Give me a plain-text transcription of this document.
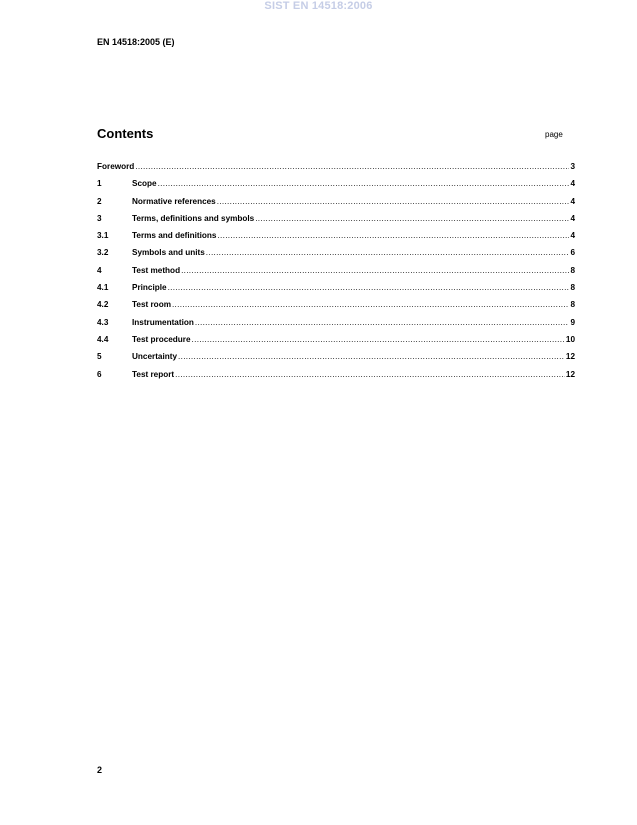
SIST EN 14518:2006
EN 14518:2005 (E)
Contents	page
Foreword .....	3
1	Scope .....	4
2	Normative references .....	4
3	Terms, definitions and symbols .....	4
3.1	Terms and definitions .....	4
3.2	Symbols and units .....	6
4	Test method .....	8
4.1	Principle .....	8
4.2	Test room .....	8
4.3	Instrumentation .....	9
4.4	Test procedure .....	10
5	Uncertainty .....	12
6	Test report .....	12
2
